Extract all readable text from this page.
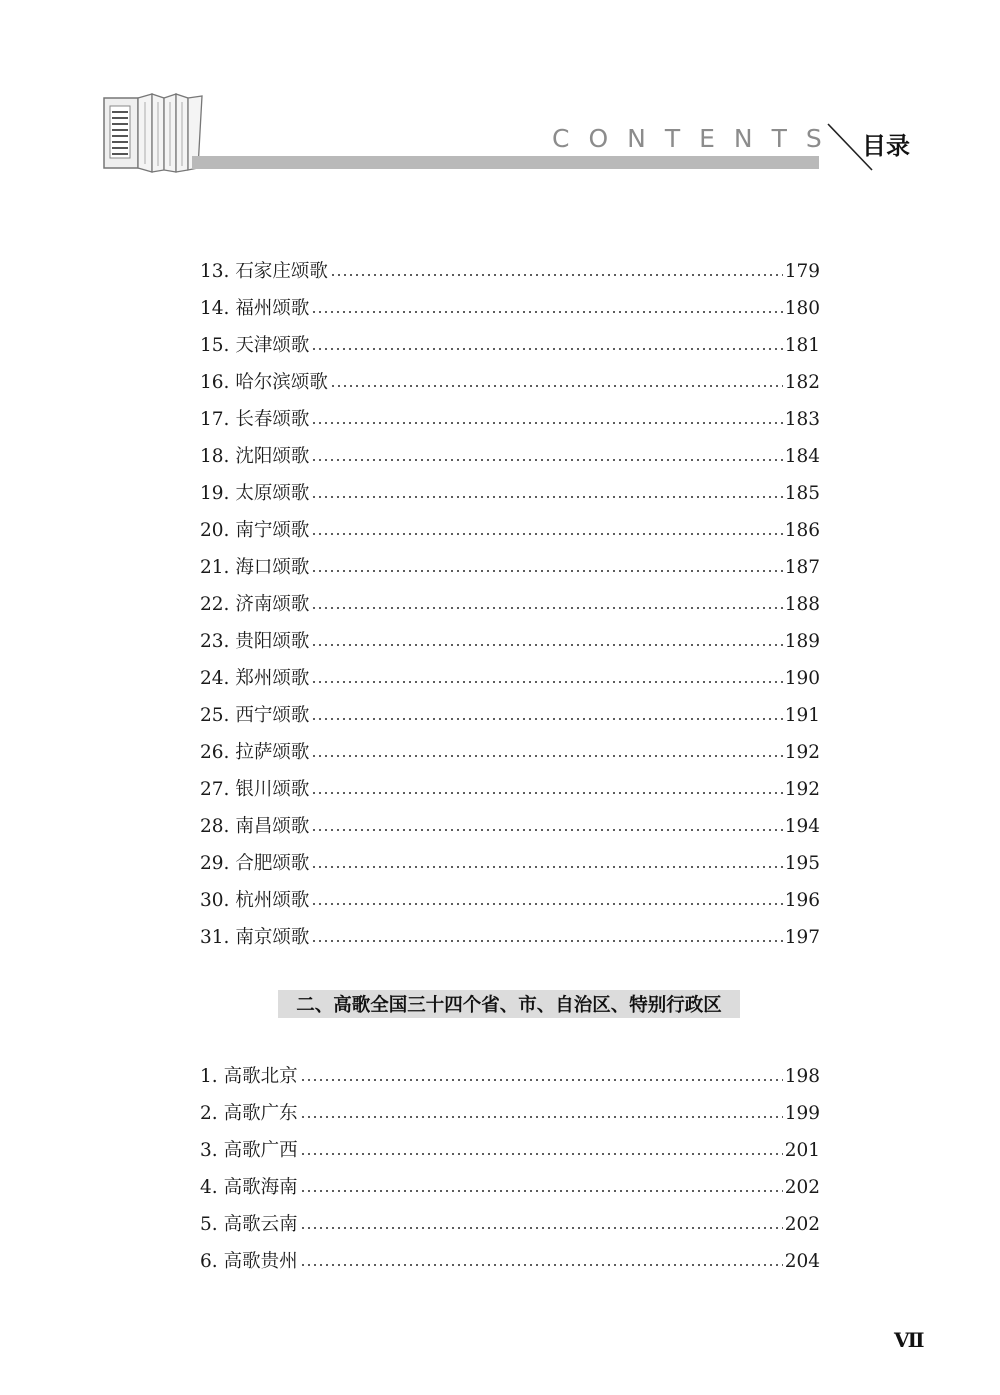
CONTENTS 目录
13. 石家庄颂歌	179
14. 福州颂歌	180
15. 天津颂歌	181
16. 哈尔滨颂歌	182
17. 长春颂歌	183
18. 沈阳颂歌	184
19. 太原颂歌	185
20. 南宁颂歌	186
21. 海口颂歌	187
22. 济南颂歌	188
23. 贵阳颂歌	189
24. 郑州颂歌	190
25. 西宁颂歌	191
26. 拉萨颂歌	192
27. 银川颂歌	192
28. 南昌颂歌	194
29. 合肥颂歌	195
30. 杭州颂歌	196
31. 南京颂歌	197
二、高歌全国三十四个省、市、自治区、特别行政区
1. 高歌北京	198
2. 高歌广东	199
3. 高歌广西	201
4. 高歌海南	202
5. 高歌云南	202
6. 高歌贵州	204
Ⅶ
